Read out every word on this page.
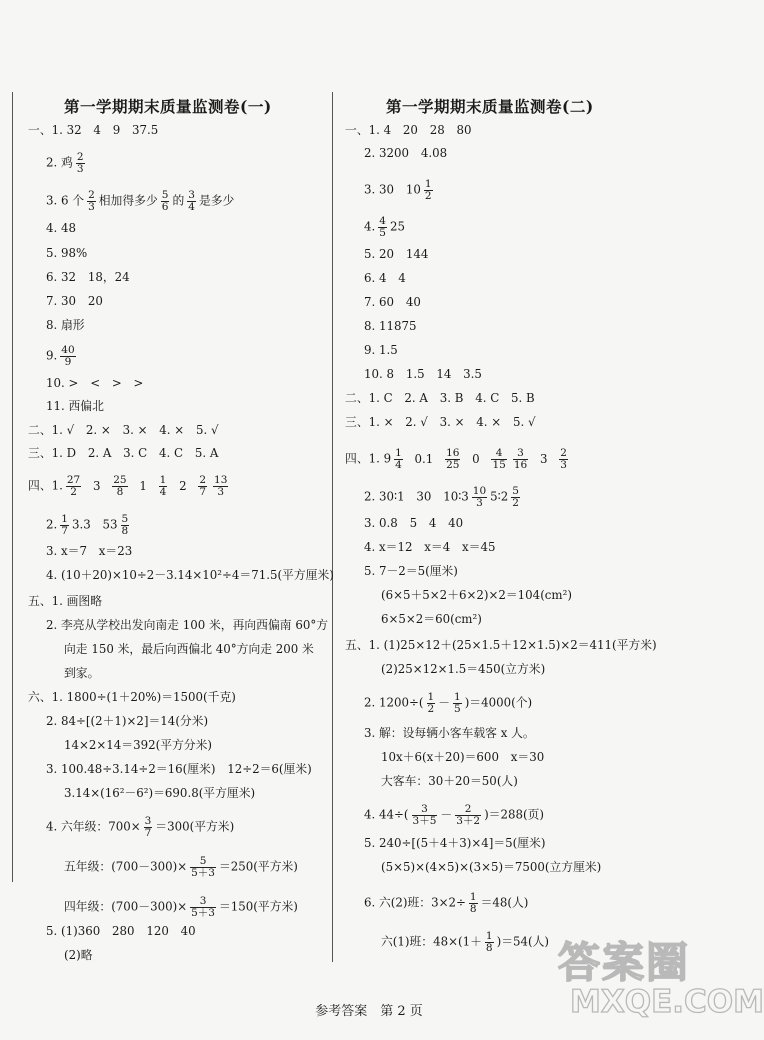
第一学期期末质量监测卷(一)	第一学期期末质量监测卷(二)
一、1. 32　4　9　37.5
2. 鸡 $\frac{2}{3}$
3. 6 个 $\frac{2}{3}$ 相加得多少 $\frac{5}{6}$ 的 $\frac{3}{4}$ 是多少
4. 48
5. 98%
6. 32　18，24
7. 30　20
8. 扇形
9. $\frac{40}{9}$
10. >　<　>　>
11. 西偏北
二、1. √　2. ×　3. ×　4. ×　5. √
三、1. D　2. A　3. C　4. C　5. A
四、1. $\frac{27}{2} 3 \frac{25}{8} 1 \frac{1}{4} 2 \frac{2}{7} \frac{13}{3}$
2. $\frac{1}{7} 3.3$　$53 \frac{5}{8}$
3. x＝7　x＝23
4. (10＋20)×10÷2－3.14×10²÷4＝71.5(平方厘米)
五、1. 画图略
2. 李亮从学校出发向南走 100 米，再向西偏南 60°方
向走 150 米，最后向西偏北 40°方向走 200 米
到家。
六、1. 1800÷(1＋20%)＝1500(千克)
2. 84÷[(2＋1)×2]＝14(分米)
14×2×14＝392(平方分米)
3. 100.48÷3.14÷2＝16(厘米)　12÷2＝6(厘米)
3.14×(16²－6²)＝690.8(平方厘米)
4. 六年级：$700\times \frac{3}{7} =300$(平方米)
五年级：$(700-300)\times \frac{5}{5+3} =250$(平方米)
四年级：$(700-300)\times \frac{3}{5+3} =150$(平方米)
5. (1)360　280　120　40
(2)略
一、1. 4　20　28　80
2. 3200　4.08
3. 30　$10 \frac{1}{2}$
4. $\frac{4}{5} 25$
5. 20　144
6. 4　4
7. 60　40
8. 11875
9. 1.5
10. 8　1.5　14　3.5
二、1. C　2. A　3. B　4. C　5. B
三、1. ×　2. √　3. ×　4. ×　5. √
四、1. $9 \frac{1}{4} 0.1 \frac{16}{25} 0 \frac{4}{15} \frac{3}{16} 3 \frac{2}{3}$
2. 30∶1　30　10∶3 $\frac{10}{3}$ 5∶2 $\frac{5}{2}$
3. 0.8　5　4　40
4. x＝12　x＝4　x＝45
5. 7－2＝5(厘米)
(6×5＋5×2＋6×2)×2＝104(cm²)
6×5×2＝60(cm²)
五、1. (1)25×12＋(25×1.5＋12×1.5)×2＝411(平方米)
(2)25×12×1.5＝450(立方米)
2. $1200\div( \frac{1}{2} - \frac{1}{5} )=4000$(个)
3. 解：设每辆小客车载客 x 人。
10x＋6(x＋20)＝600　x＝30
大客车：30＋20＝50(人)
4. $44\div( \frac{3}{3+5} - \frac{2}{3+2} )=288$(页)
5. 240÷[(5＋4＋3)×4]＝5(厘米)
(5×5)×(4×5)×(3×5)＝7500(立方厘米)
6. 六(2)班：$3\times 2\div \frac{1}{8} =48$(人)
六(1)班：$48\times(1+ \frac{1}{8} )=54$(人)
参考答案　第 2 页
答案圈
MXQE.COM
